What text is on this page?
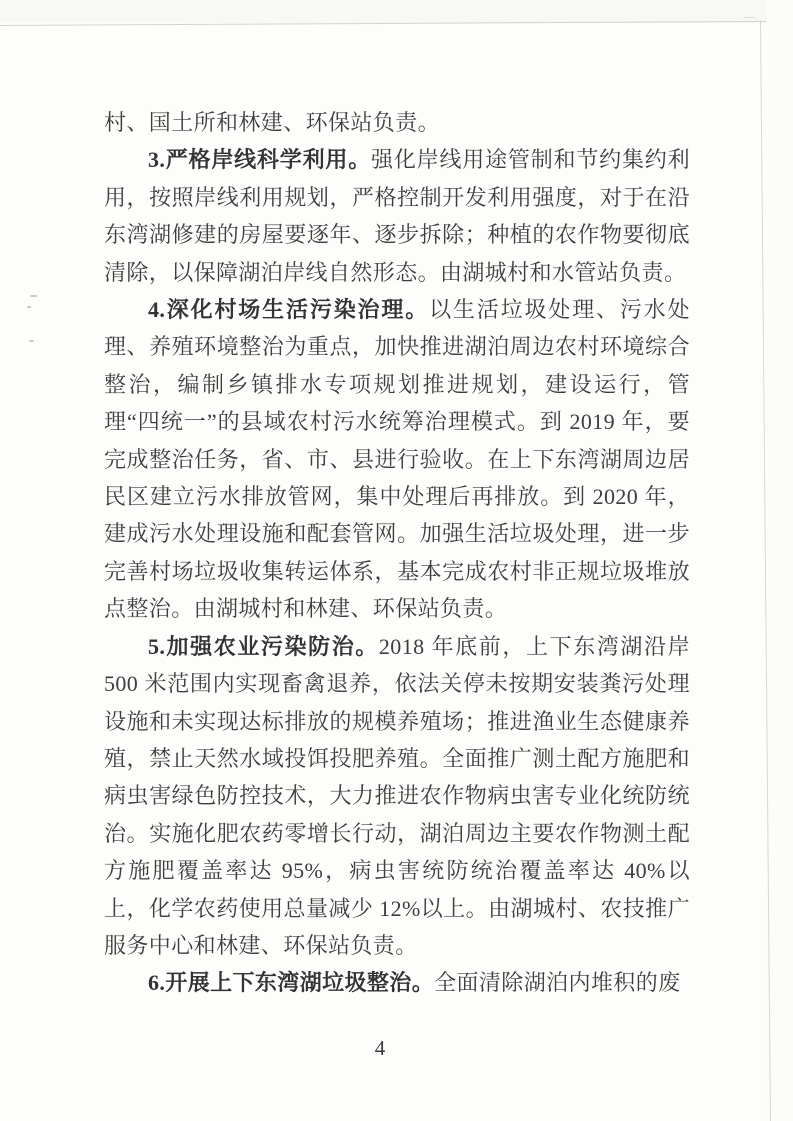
村、国土所和林建、环保站负责。

3.严格岸线科学利用。强化岸线用途管制和节约集约利用，按照岸线利用规划，严格控制开发利用强度，对于在沿东湾湖修建的房屋要逐年、逐步拆除；种植的农作物要彻底清除，以保障湖泊岸线自然形态。由湖城村和水管站负责。

4.深化村场生活污染治理。以生活垃圾处理、污水处理、养殖环境整治为重点，加快推进湖泊周边农村环境综合整治，编制乡镇排水专项规划推进规划，建设运行，管理“四统一”的县域农村污水统筹治理模式。到 2019 年，要完成整治任务，省、市、县进行验收。在上下东湾湖周边居民区建立污水排放管网，集中处理后再排放。到 2020 年，建成污水处理设施和配套管网。加强生活垃圾处理，进一步完善村场垃圾收集转运体系，基本完成农村非正规垃圾堆放点整治。由湖城村和林建、环保站负责。

5.加强农业污染防治。2018 年底前，上下东湾湖沿岸 500 米范围内实现畜禽退养，依法关停未按期安装粪污处理设施和未实现达标排放的规模养殖场；推进渔业生态健康养殖，禁止天然水域投饵投肥养殖。全面推广测土配方施肥和病虫害绿色防控技术，大力推进农作物病虫害专业化统防统治。实施化肥农药零增长行动，湖泊周边主要农作物测土配方施肥覆盖率达 95%，病虫害统防统治覆盖率达 40%以上，化学农药使用总量减少 12%以上。由湖城村、农技推广服务中心和林建、环保站负责。

6.开展上下东湾湖垃圾整治。全面清除湖泊内堆积的废

4
